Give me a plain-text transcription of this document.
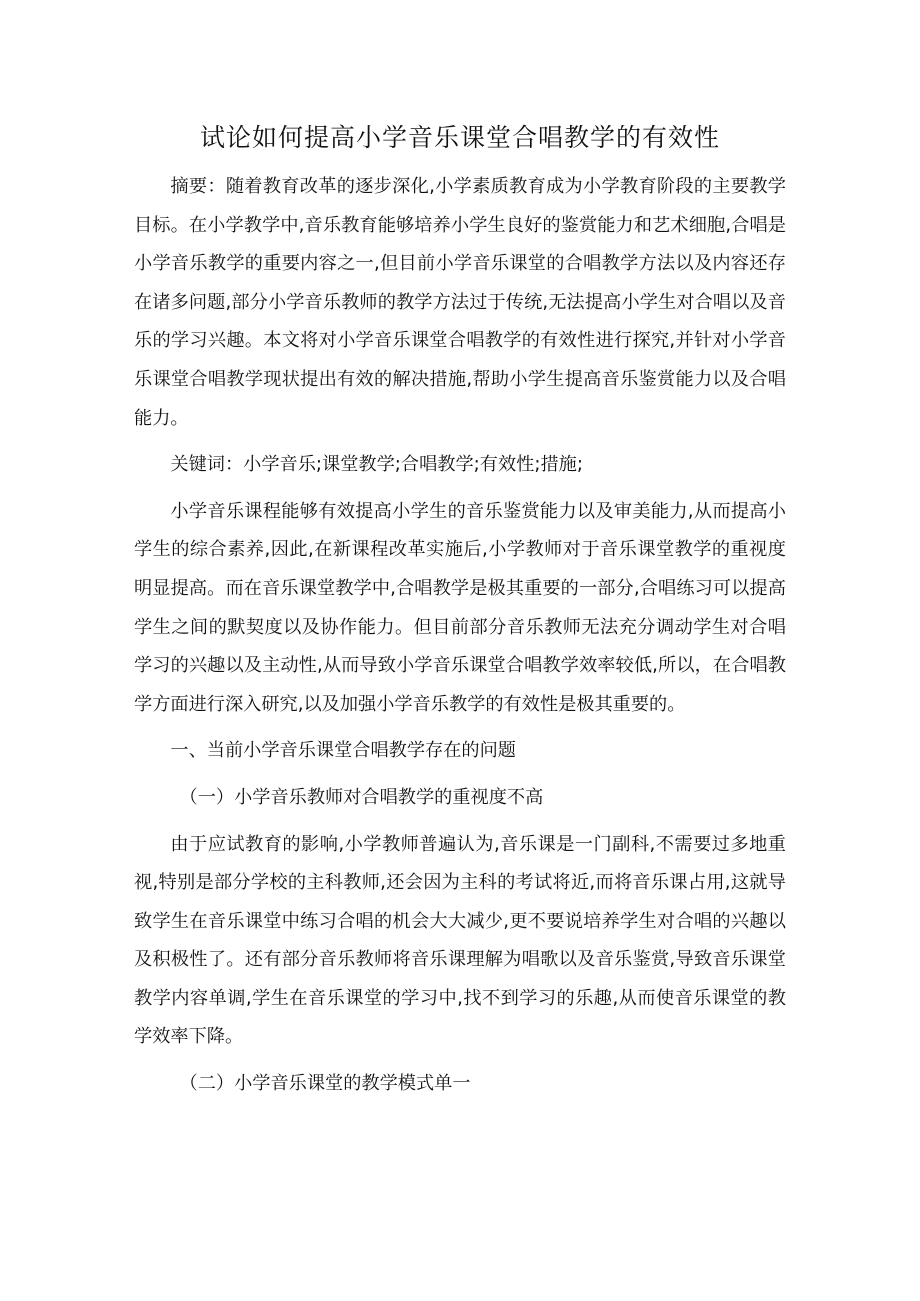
试论如何提高小学音乐课堂合唱教学的有效性

摘要：随着教育改革的逐步深化,小学素质教育成为小学教育阶段的主要教学目标。在小学教学中,音乐教育能够培养小学生良好的鉴赏能力和艺术细胞,合唱是小学音乐教学的重要内容之一,但目前小学音乐课堂的合唱教学方法以及内容还存在诸多问题,部分小学音乐教师的教学方法过于传统,无法提高小学生对合唱以及音乐的学习兴趣。本文将对小学音乐课堂合唱教学的有效性进行探究,并针对小学音乐课堂合唱教学现状提出有效的解决措施,帮助小学生提高音乐鉴赏能力以及合唱能力。

关键词：小学音乐;课堂教学;合唱教学;有效性;措施;

小学音乐课程能够有效提高小学生的音乐鉴赏能力以及审美能力,从而提高小学生的综合素养,因此,在新课程改革实施后,小学教师对于音乐课堂教学的重视度明显提高。而在音乐课堂教学中,合唱教学是极其重要的一部分,合唱练习可以提高学生之间的默契度以及协作能力。但目前部分音乐教师无法充分调动学生对合唱学习的兴趣以及主动性,从而导致小学音乐课堂合唱教学效率较低,所以，在合唱教学方面进行深入研究,以及加强小学音乐教学的有效性是极其重要的。

一、当前小学音乐课堂合唱教学存在的问题

（一）小学音乐教师对合唱教学的重视度不高

由于应试教育的影响,小学教师普遍认为,音乐课是一门副科,不需要过多地重视,特别是部分学校的主科教师,还会因为主科的考试将近,而将音乐课占用,这就导致学生在音乐课堂中练习合唱的机会大大减少,更不要说培养学生对合唱的兴趣以及积极性了。还有部分音乐教师将音乐课理解为唱歌以及音乐鉴赏,导致音乐课堂教学内容单调,学生在音乐课堂的学习中,找不到学习的乐趣,从而使音乐课堂的教学效率下降。

（二）小学音乐课堂的教学模式单一
